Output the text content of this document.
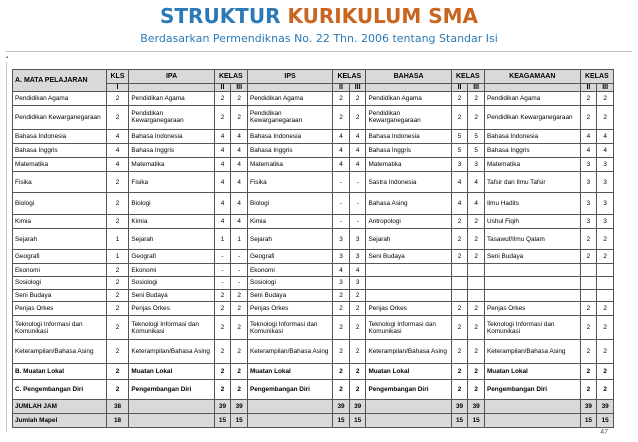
STRUKTUR KURIKULUM SMA
Berdasarkan Permendiknas No. 22 Thn. 2006 tentang Standar Isi
▪
A. MATA PELAJARAN	KLS	IPA	KELAS		IPS	KELAS		BAHASA	KELAS		KEAGAMAAN	KELAS	
	I		II	III		II	III		II	III		II	III
Pendidikan Agama	2	Pendidikan Agama	2	2	Pendidikan Agama	2	2	Pendidikan Agama	2	2	Pendidikan Agama	2	2
Pendidikan Kewarganegaraan	2	Pendidikan Kewarganegaraan	2	2	Pendidikan Kewarganegaraan	2	2	Pendidikan Kewarganegaraan	2	2	Pendidikan Kewarganegaraan	2	2
Bahasa Indonesia	4	Bahasa Indonesia	4	4	Bahasa Indonesia	4	4	Bahasa Indonesia	5	5	Bahasa Indonesia	4	4
Bahasa Inggris	4	Bahasa Inggris	4	4	Bahasa Inggris	4	4	Bahasa Inggris	5	5	Bahasa Inggris	4	4
Matematika	4	Matematika	4	4	Matematika	4	4	Matematika	3	3	Matematika	3	3
Fisika	2	Fisika	4	4	Fisika	-	-	Sastra Indonesia	4	4	Tafsir dan Ilmu Tafsir	3	3
Biologi	2	Biologi	4	4	Biologi	-	-	Bahasa Asing	4	4	Ilmu Hadits	3	3
Kimia	2	Kimia	4	4	Kimia	-	-	Antropologi	2	2	Ushul Fiqih	3	3
Sejarah	1	Sejarah	1	1	Sejarah	3	3	Sejarah	2	2	Tasawuf/Ilmu Qalam	2	2
Geografi	1	Geografi	-	-	Geografi	3	3	Seni Budaya	2	2	Seni Budaya	2	2
Ekonomi	2	Ekonomi	-	-	Ekonomi	4	4						
Sosiologi	2	Sosiologi	-	-	Sosiologi	3	3						
Seni Budaya	2	Seni Budaya	2	2	Seni Budaya	2	2						
Penjas Orkes	2	Penjas Orkes	2	2	Penjas Orkes	2	2	Penjas Orkes	2	2	Penjas Orkes	2	2
Teknologi Informasi dan Komunikasi	2	Teknologi Informasi dan Komunikasi	2	2	Teknologi Informasi dan Komunikasi	2	2	Teknologi Informasi dan Komunikasi	2	2	Teknologi Informasi dan Komunikasi	2	2
Keterampilan/Bahasa Asing	2	Keterampilan/Bahasa Asing	2	2	Keterampilan/Bahasa Asing	2	2	Keterampilan/Bahasa Asing	2	2	Keterampilan/Bahasa Asing	2	2
B. Muatan Lokal	2	Muatan Lokal	2	2	Muatan Lokal	2	2	Muatan Lokal	2	2	Muatan Lokal	2	2
C. Pengembangan Diri	2	Pengembangan Diri	2	2	Pengembangan Diri	2	2	Pengembangan Diri	2	2	Pengembangan Diri	2	2
JUMLAH JAM	38		39	39		39	39		39	39		39	39
Jumlah Mapel	18		15	15		15	15		15	15		15	15
47
